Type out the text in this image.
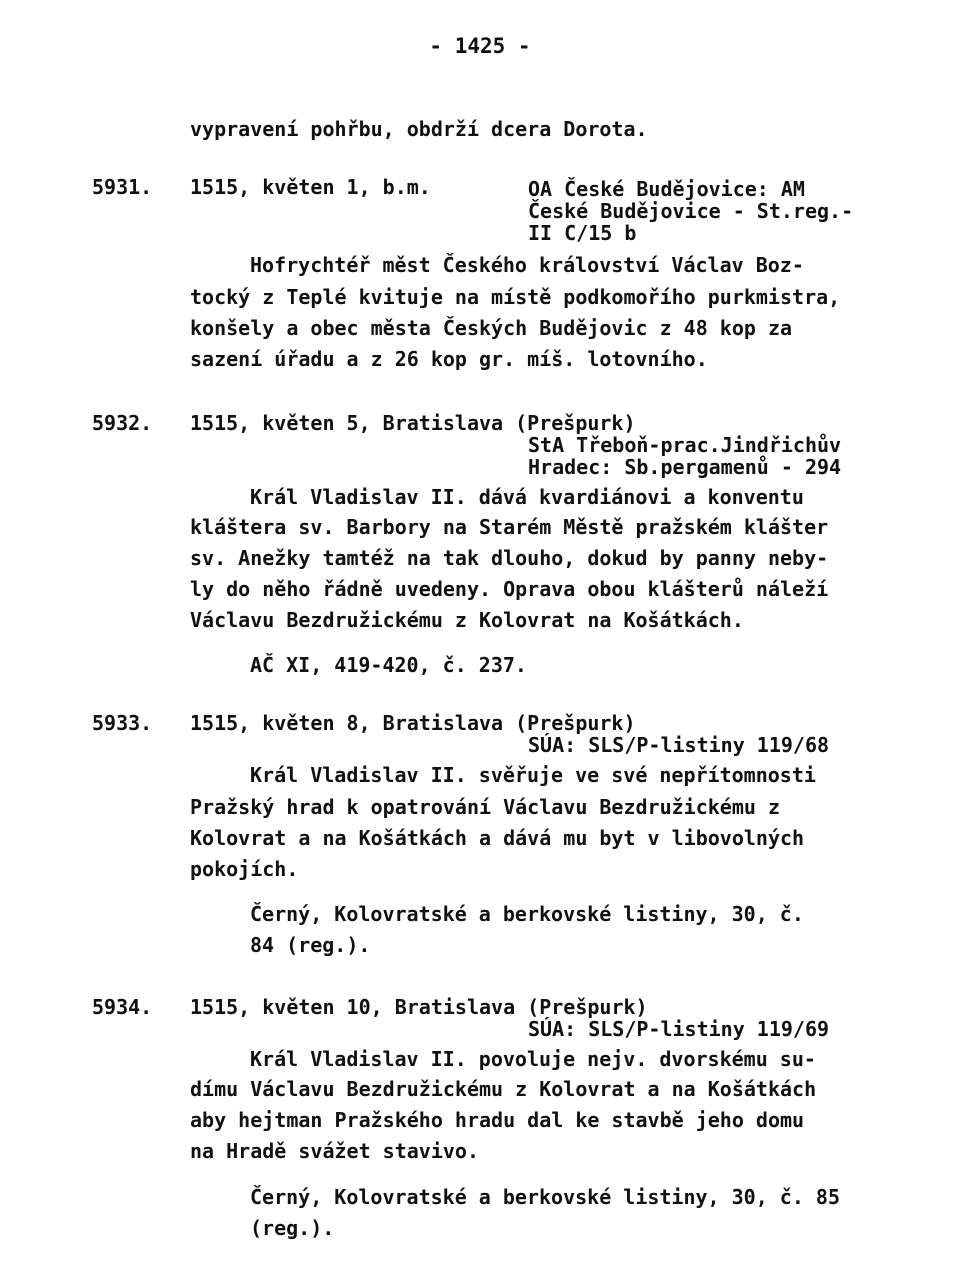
- 1425 -
vypravení pohřbu, obdrží dcera Dorota.
5931. 1515, květen 1, b.m.	OA České Budějovice: AM
České Budějovice - St.reg.-
II C/15 b
Hofrychtéř měst Českého království Václav Boz-
tocký z Teplé kvituje na místě podkomořího purkmistra,
konšely a obec města Českých Budějovic z 48 kop za
sazení úřadu a z 26 kop gr. míš. lotovního.
5932. 1515, květen 5, Bratislava (Prešpurk)
StA Třeboň-prac.Jindřichův
Hradec: Sb.pergamenů - 294
Král Vladislav II. dává kvardiánovi a konventu
kláštera sv. Barbory na Starém Městě pražském klášter
sv. Anežky tamtéž na tak dlouho, dokud by panny neby-
ly do něho řádně uvedeny. Oprava obou klášterů náleží
Václavu Bezdružickému z Kolovrat na Košátkách.
AČ XI, 419-420, č. 237.
5933. 1515, květen 8, Bratislava (Prešpurk)
SÚA: SLS/P-listiny 119/68
Král Vladislav II. svěřuje ve své nepřítomnosti
Pražský hrad k opatrování Václavu Bezdružickému z
Kolovrat a na Košátkách a dává mu byt v libovolných
pokojích.
Černý, Kolovratské a berkovské listiny, 30, č.
84 (reg.).
5934. 1515, květen 10, Bratislava (Prešpurk)
SÚA: SLS/P-listiny 119/69
Král Vladislav II. povoluje nejv. dvorskému su-
dímu Václavu Bezdružickému z Kolovrat a na Košátkách
aby hejtman Pražského hradu dal ke stavbě jeho domu
na Hradě svážet stavivo.
Černý, Kolovratské a berkovské listiny, 30, č. 85
(reg.).
